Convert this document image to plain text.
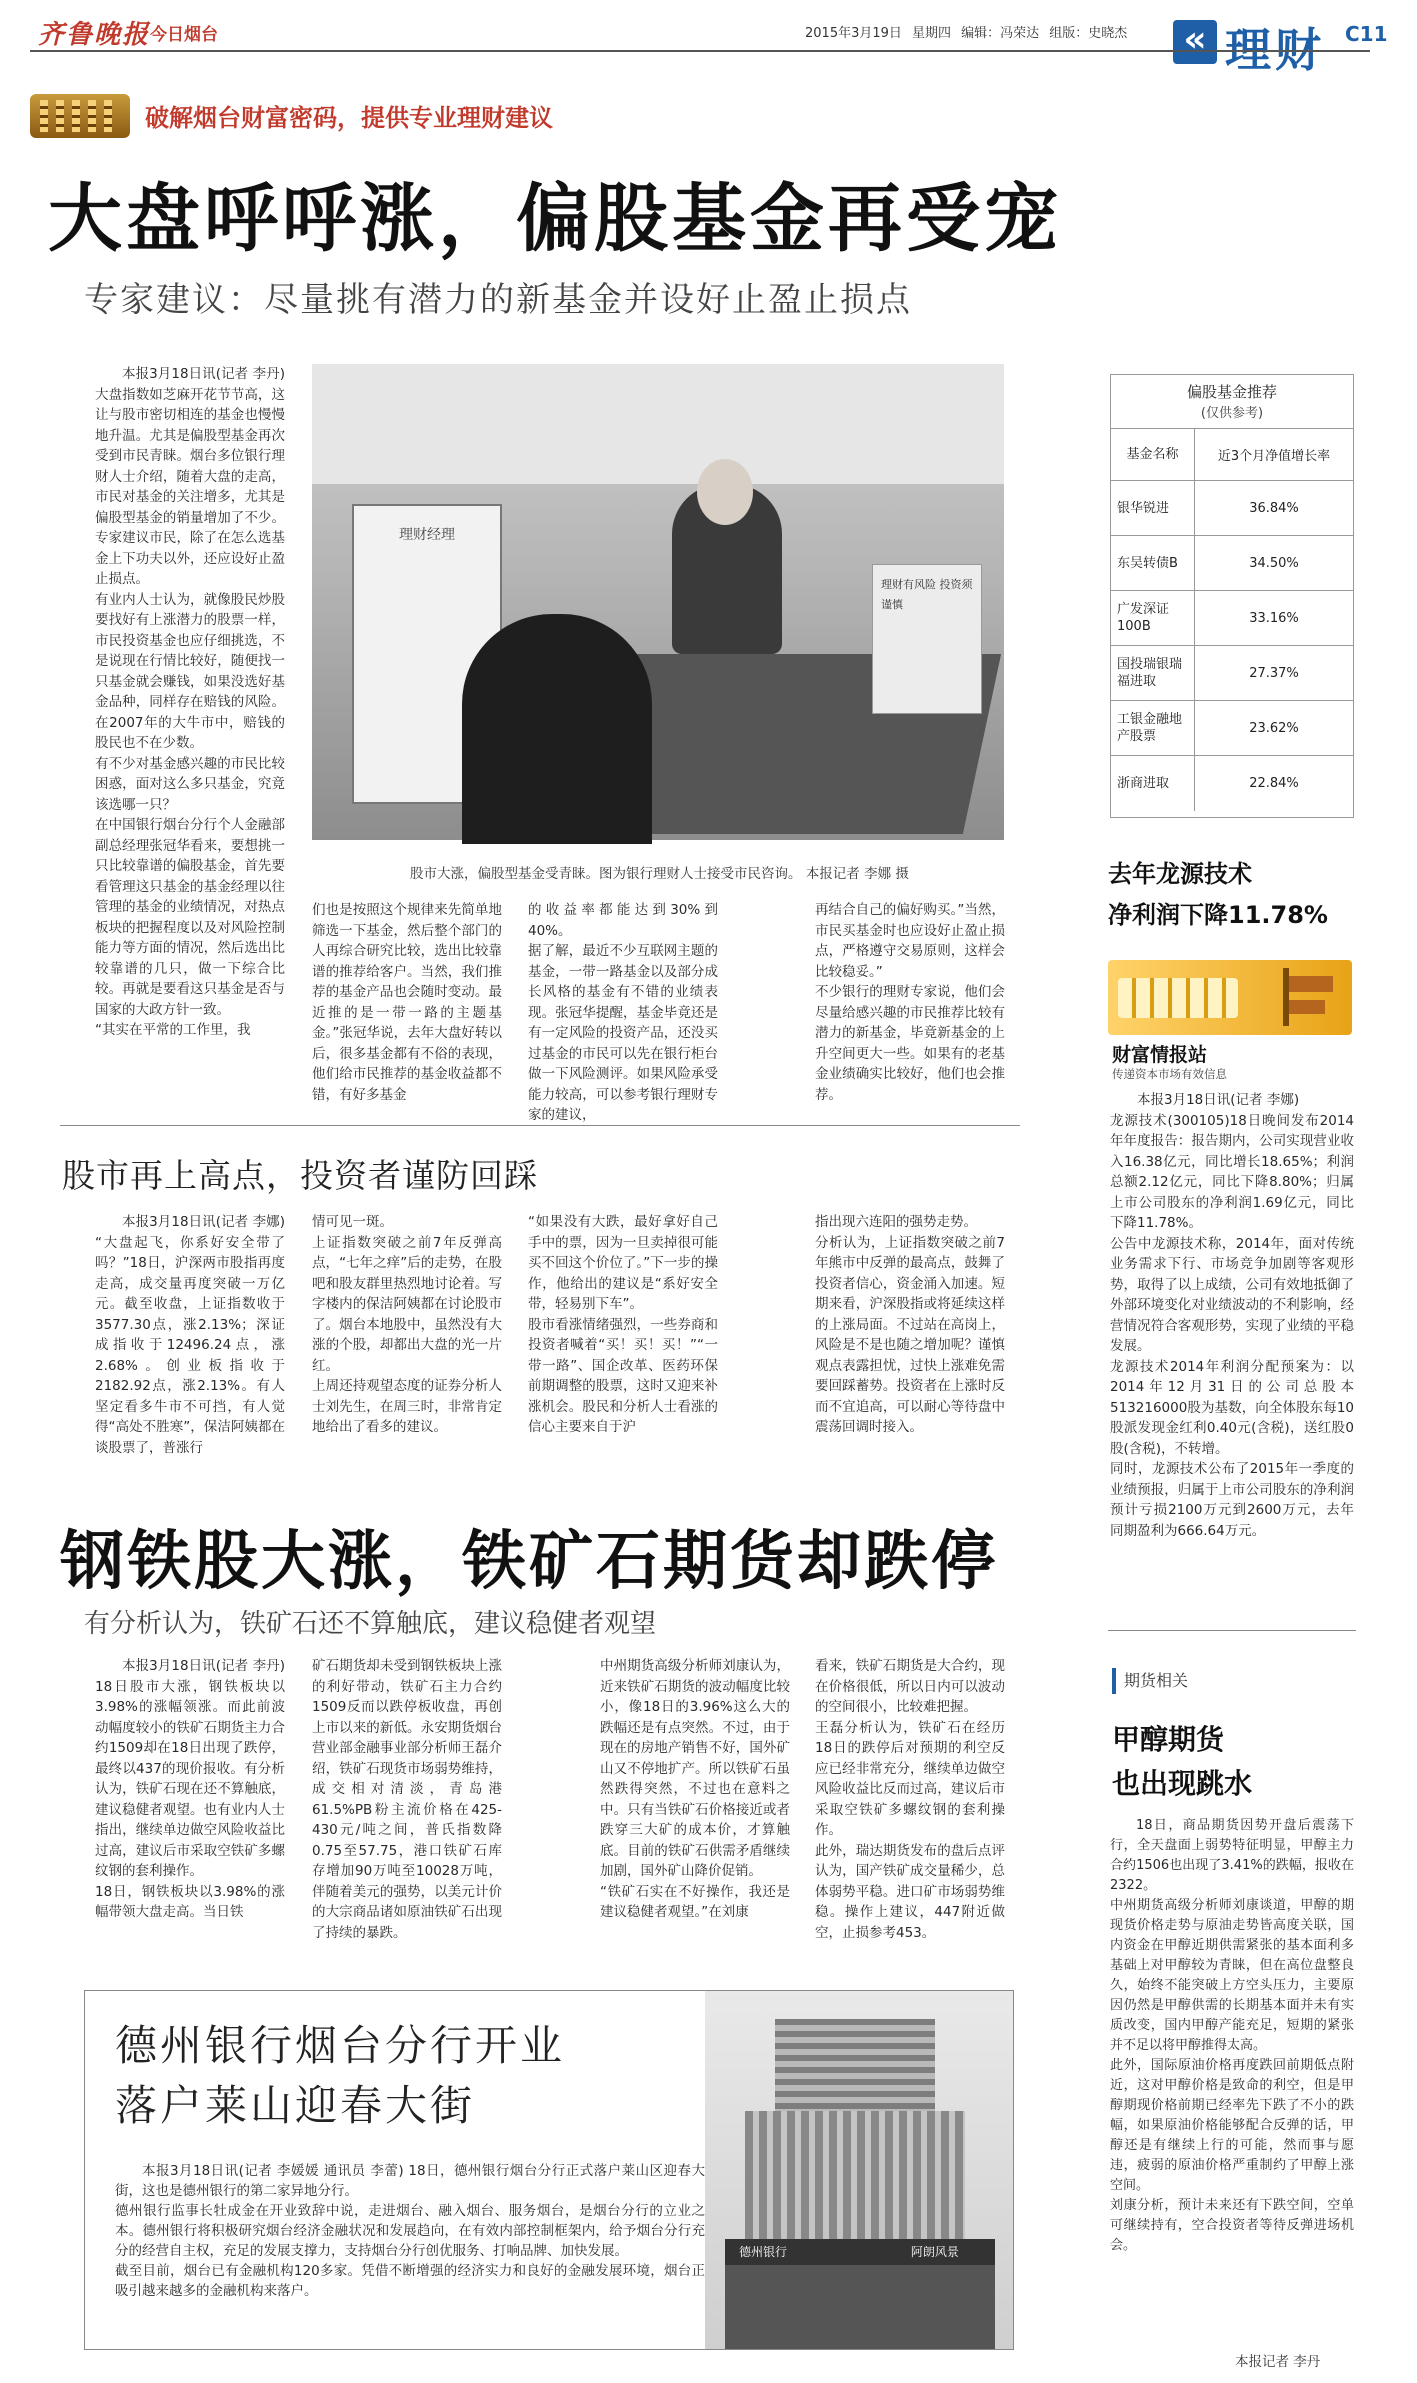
齐鲁晚报 今日烟台	2015年3月19日 星期四 编辑：冯荣达 组版：史晓杰 « 理财 C11
破解烟台财富密码，提供专业理财建议
大盘呼呼涨，偏股基金再受宠
专家建议：尽量挑有潜力的新基金并设好止盈止损点
本报3月18日讯(记者 李丹) 大盘指数如芝麻开花节节高，这让与股市密切相连的基金也慢慢地升温。尤其是偏股型基金再次受到市民青睐。烟台多位银行理财人士介绍，随着大盘的走高，市民对基金的关注增多，尤其是偏股型基金的销量增加了不少。专家建议市民，除了在怎么选基金上下功夫以外，还应设好止盈止损点。
有业内人士认为，就像股民炒股要找好有上涨潜力的股票一样，市民投资基金也应仔细挑选，不是说现在行情比较好，随便找一只基金就会赚钱，如果没选好基金品种，同样存在赔钱的风险。在2007年的大牛市中，赔钱的股民也不在少数。
有不少对基金感兴趣的市民比较困惑，面对这么多只基金，究竟该选哪一只？
在中国银行烟台分行个人金融部副总经理张冠华看来，要想挑一只比较靠谱的偏股基金，首先要看管理这只基金的基金经理以往管理的基金的业绩情况，对热点板块的把握程度以及对风险控制能力等方面的情况，然后选出比较靠谱的几只，做一下综合比较。再就是要看这只基金是否与国家的大政方针一致。
“其实在平常的工作里，我
理财经理
理财有风险 投资须谨慎
股市大涨，偏股型基金受青睐。图为银行理财人士接受市民咨询。 本报记者 李娜 摄
们也是按照这个规律来先简单地筛选一下基金，然后整个部门的人再综合研究比较，选出比较靠谱的推荐给客户。当然，我们推荐的基金产品也会随时变动。最近推的是一带一路的主题基金。”张冠华说，去年大盘好转以后，很多基金都有不俗的表现，他们给市民推荐的基金收益都不错，有好多基金
的收益率都能达到30%到40%。
据了解，最近不少互联网主题的基金，一带一路基金以及部分成长风格的基金有不错的业绩表现。张冠华提醒，基金毕竟还是有一定风险的投资产品，还没买过基金的市民可以先在银行柜台做一下风险测评。如果风险承受能力较高，可以参考银行理财专家的建议，
再结合自己的偏好购买。”当然，市民买基金时也应设好止盈止损点，严格遵守交易原则，这样会比较稳妥。”
不少银行的理财专家说，他们会尽量给感兴趣的市民推荐比较有潜力的新基金，毕竟新基金的上升空间更大一些。如果有的老基金业绩确实比较好，他们也会推荐。
偏股基金推荐
(仅供参考)
基金名称	近3个月净值增长率
银华锐进	36.84%
东吴转债B	34.50%
广发深证100B
33.16%
国投瑞银瑞福进取
27.37%
工银金融地产股票
23.62%
浙商进取	22.84%
去年龙源技术
净利润下降11.78%
财富情报站
传递资本市场有效信息
本报3月18日讯(记者 李娜)
龙源技术(300105)18日晚间发布2014年年度报告：报告期内，公司实现营业收入16.38亿元，同比增长18.65%；利润总额2.12亿元，同比下降8.80%；归属上市公司股东的净利润1.69亿元，同比下降11.78%。
公告中龙源技术称，2014年，面对传统业务需求下行、市场竞争加剧等客观形势，取得了以上成绩，公司有效地抵御了外部环境变化对业绩波动的不利影响，经营情况符合客观形势，实现了业绩的平稳发展。
龙源技术2014年利润分配预案为：以2014年12月31日的公司总股本513216000股为基数，向全体股东每10股派发现金红利0.40元(含税)，送红股0股(含税)，不转增。
同时，龙源技术公布了2015年一季度的业绩预报，归属于上市公司股东的净利润预计亏损2100万元到2600万元，去年同期盈利为666.64万元。
股市再上高点，投资者谨防回踩
本报3月18日讯(记者 李娜) “大盘起飞，你系好安全带了吗？”18日，沪深两市股指再度走高，成交量再度突破一万亿元。截至收盘，上证指数收于3577.30点，涨2.13%；深证成指收于12496.24点，涨2.68%。创业板指收于2182.92点，涨2.13%。有人坚定看多牛市不可挡，有人觉得“高处不胜寒”，保洁阿姨都在谈股票了，普涨行
情可见一斑。
上证指数突破之前7年反弹高点，“七年之痒”后的走势，在股吧和股友群里热烈地讨论着。写字楼内的保洁阿姨都在讨论股市了。烟台本地股中，虽然没有大涨的个股，却都出大盘的光一片红。
上周还持观望态度的证券分析人士刘先生，在周三时，非常肯定地给出了看多的建议。
“如果没有大跌，最好拿好自己手中的票，因为一旦卖掉很可能买不回这个价位了。”下一步的操作，他给出的建议是“系好安全带，轻易别下车”。
股市看涨情绪强烈，一些券商和投资者喊着“买！买！买！”“一带一路”、国企改革、医药环保前期调整的股票，这时又迎来补涨机会。股民和分析人士看涨的信心主要来自于沪
指出现六连阳的强势走势。
分析认为，上证指数突破之前7年熊市中反弹的最高点，鼓舞了投资者信心，资金涌入加速。短期来看，沪深股指或将延续这样的上涨局面。不过站在高岗上，风险是不是也随之增加呢？谨慎观点表露担忧，过快上涨难免需要回踩蓄势。投资者在上涨时反而不宜追高，可以耐心等待盘中震荡回调时接入。
钢铁股大涨，铁矿石期货却跌停
有分析认为，铁矿石还不算触底，建议稳健者观望
本报3月18日讯(记者 李丹) 18日股市大涨，钢铁板块以3.98%的涨幅领涨。而此前波动幅度较小的铁矿石期货主力合约1509却在18日出现了跌停，最终以437的现价报收。有分析认为，铁矿石现在还不算触底，建议稳健者观望。也有业内人士指出，继续单边做空风险收益比过高，建议后市采取空铁矿多螺纹钢的套利操作。
18日，钢铁板块以3.98%的涨幅带领大盘走高。当日铁
矿石期货却未受到钢铁板块上涨的利好带动，铁矿石主力合约1509反而以跌停板收盘，再创上市以来的新低。永安期货烟台营业部金融事业部分析师王磊介绍，铁矿石现货市场弱势维持，成交相对清淡，青岛港61.5%PB粉主流价格在425-430元/吨之间，普氏指数降0.75至57.75，港口铁矿石库存增加90万吨至10028万吨，伴随着美元的强势，以美元计价的大宗商品诸如原油铁矿石出现了持续的暴跌。
中州期货高级分析师刘康认为，近来铁矿石期货的波动幅度比较小，像18日的3.96%这么大的跌幅还是有点突然。不过，由于现在的房地产销售不好，国外矿山又不停地扩产。所以铁矿石虽然跌得突然，不过也在意料之中。只有当铁矿石价格接近或者跌穿三大矿的成本价，才算触底。目前的铁矿石供需矛盾继续加剧，国外矿山降价促销。
“铁矿石实在不好操作，我还是建议稳健者观望。”在刘康
看来，铁矿石期货是大合约，现在价格很低，所以日内可以波动的空间很小，比较难把握。
王磊分析认为，铁矿石在经历18日的跌停后对预期的利空反应已经非常充分，继续单边做空风险收益比反而过高，建议后市采取空铁矿多螺纹钢的套利操作。
此外，瑞达期货发布的盘后点评认为，国产铁矿成交量稀少，总体弱势平稳。进口矿市场弱势维稳。操作上建议，447附近做空，止损参考453。
期货相关
甲醇期货
也出现跳水
18日，商品期货因势开盘后震荡下行，全天盘面上弱势特征明显，甲醇主力合约1506也出现了3.41%的跌幅，报收在2322。
中州期货高级分析师刘康谈道，甲醇的期现货价格走势与原油走势皆高度关联，国内资金在甲醇近期供需紧张的基本面利多基础上对甲醇较为青睐，但在高位盘整良久，始终不能突破上方空头压力，主要原因仍然是甲醇供需的长期基本面并未有实质改变，国内甲醇产能充足，短期的紧张并不足以将甲醇推得太高。
此外，国际原油价格再度跌回前期低点附近，这对甲醇价格是致命的利空，但是甲醇期现价格前期已经率先下跌了不小的跌幅，如果原油价格能够配合反弹的话，甲醇还是有继续上行的可能，然而事与愿违，疲弱的原油价格严重制约了甲醇上涨空间。
刘康分析，预计未来还有下跌空间，空单可继续持有，空合投资者等待反弹进场机会。
本报记者 李丹
德州银行烟台分行开业
落户莱山迎春大街
本报3月18日讯(记者 李媛媛 通讯员 李蕾) 18日，德州银行烟台分行正式落户莱山区迎春大街，这也是德州银行的第二家异地分行。
德州银行监事长牡成金在开业致辞中说，走进烟台、融入烟台、服务烟台，是烟台分行的立业之本。德州银行将积极研究烟台经济金融状况和发展趋向，在有效内部控制框架内，给予烟台分行充分的经营自主权，充足的发展支撑力，支持烟台分行创优服务、打响品牌、加快发展。
截至目前，烟台已有金融机构120多家。凭借不断增强的经济实力和良好的金融发展环境，烟台正吸引越来越多的金融机构来落户。
德州银行	阿朗风景
